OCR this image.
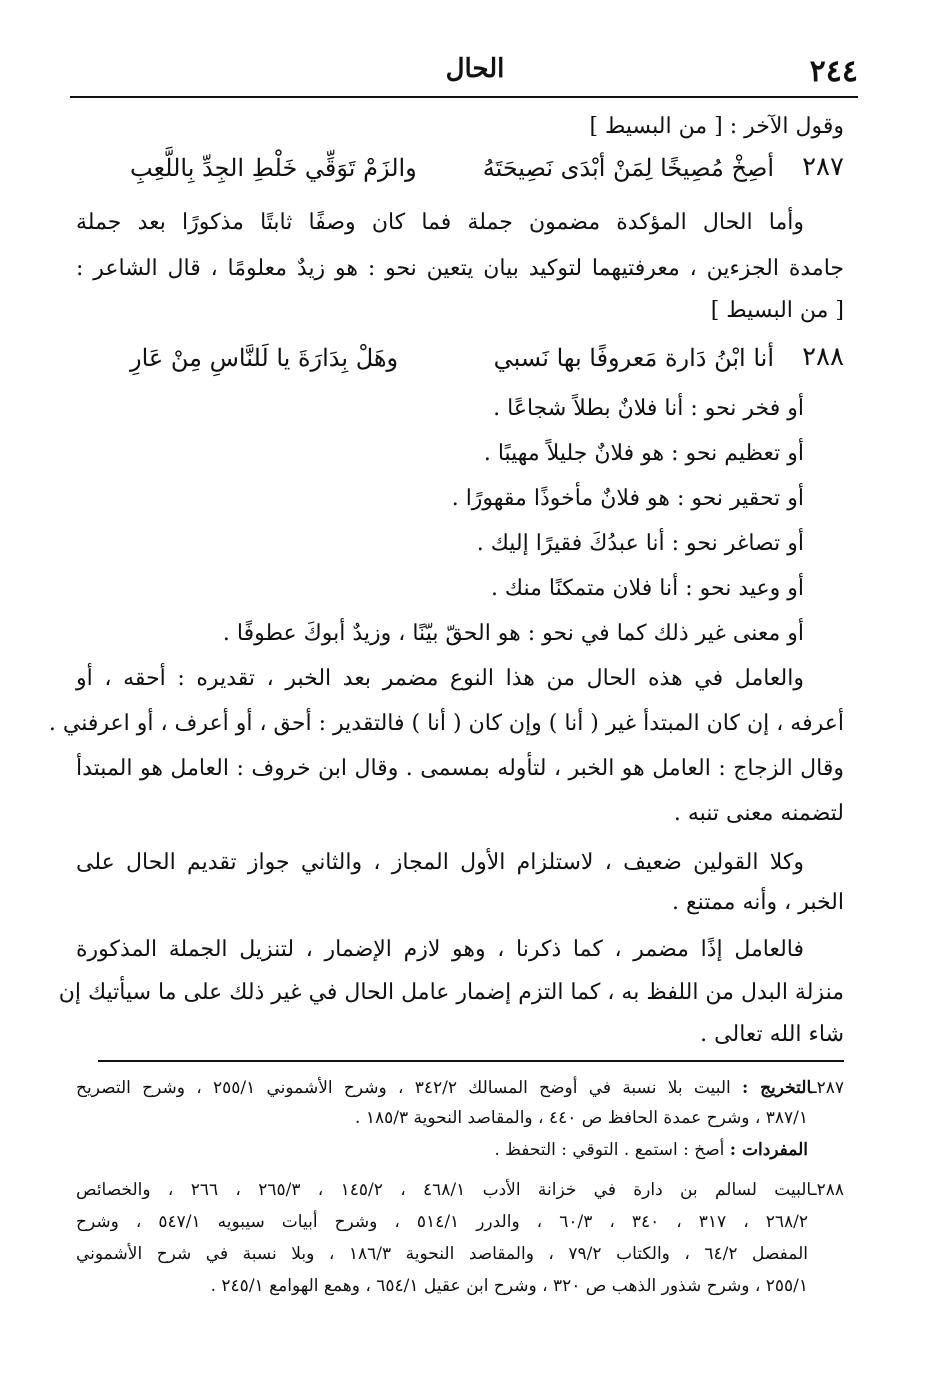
٢٤٤
الحال
وقول الآخر : [ من البسيط ]
٢٨٧
أصِخْ مُصِيخًا لِمَنْ أبْدَى نَصِيحَتَهُ
والزَمْ تَوَقِّي خَلْطِ الجِدِّ بِاللَّعِبِ
وأما الحال المؤكدة مضمون جملة فما كان وصفًا ثابتًا مذكورًا بعد جملة
جامدة الجزءين ، معرفتيهما لتوكيد بيان يتعين نحو : هو زيدٌ معلومًا ، قال الشاعر :
[ من البسيط ]
٢٨٨
أنا ابْنُ دَارة مَعروفًا بها نَسبي
وهَلْ بِدَارَةَ يا لَلنَّاسِ مِنْ عَارِ
أو فخر نحو : أنا فلانٌ بطلاً شجاعًا .
أو تعظيم نحو : هو فلانٌ جليلاً مهيبًا .
أو تحقير نحو : هو فلانٌ مأخوذًا مقهورًا .
أو تصاغر نحو : أنا عبدُكَ فقيرًا إليك .
أو وعيد نحو : أنا فلان متمكنًا منك .
أو معنى غير ذلك كما في نحو : هو الحقّ بيّنًا ، وزيدٌ أبوكَ عطوفًا .
والعامل في هذه الحال من هذا النوع مضمر بعد الخبر ، تقديره : أحقه ، أو
أعرفه ، إن كان المبتدأ غير ( أنا ) وإن كان ( أنا ) فالتقدير : أحق ، أو أعرف ، أو اعرفني .
وقال الزجاج : العامل هو الخبر ، لتأوله بمسمى . وقال ابن خروف : العامل هو المبتدأ
لتضمنه معنى تنبه .
وكلا القولين ضعيف ، لاستلزام الأول المجاز ، والثاني جواز تقديم الحال على
الخبر ، وأنه ممتنع .
فالعامل إذًا مضمر ، كما ذكرنا ، وهو لازم الإضمار ، لتنزيل الجملة المذكورة
منزلة البدل من اللفظ به ، كما التزم إضمار عامل الحال في غير ذلك على ما سيأتيك إن
شاء الله تعالى .
٢٨٧ـالتخريج : البيت بلا نسبة في أوضح المسالك ٣٤٢/٢ ، وشرح الأشموني ٢٥٥/١ ، وشرح التصريح
٣٨٧/١ ، وشرح عمدة الحافظ ص ٤٤٠ ، والمقاصد النحوية ١٨٥/٣ .
المفردات : أصخ : استمع . التوقي : التحفظ .
٢٨٨ـالبيت لسالم بن دارة في خزانة الأدب ٤٦٨/١ ، ١٤٥/٢ ، ٢٦٥/٣ ، ٢٦٦ ، والخصائص
٢٦٨/٢ ، ٣١٧ ، ٣٤٠ ، ٦٠/٣ ، والدرر ٥١٤/١ ، وشرح أبيات سيبويه ٥٤٧/١ ، وشرح
المفصل ٦٤/٢ ، والكتاب ٧٩/٢ ، والمقاصد النحوية ١٨٦/٣ ، وبلا نسبة في شرح الأشموني
٢٥٥/١ ، وشرح شذور الذهب ص ٣٢٠ ، وشرح ابن عقيل ٦٥٤/١ ، وهمع الهوامع ٢٤٥/١ .
